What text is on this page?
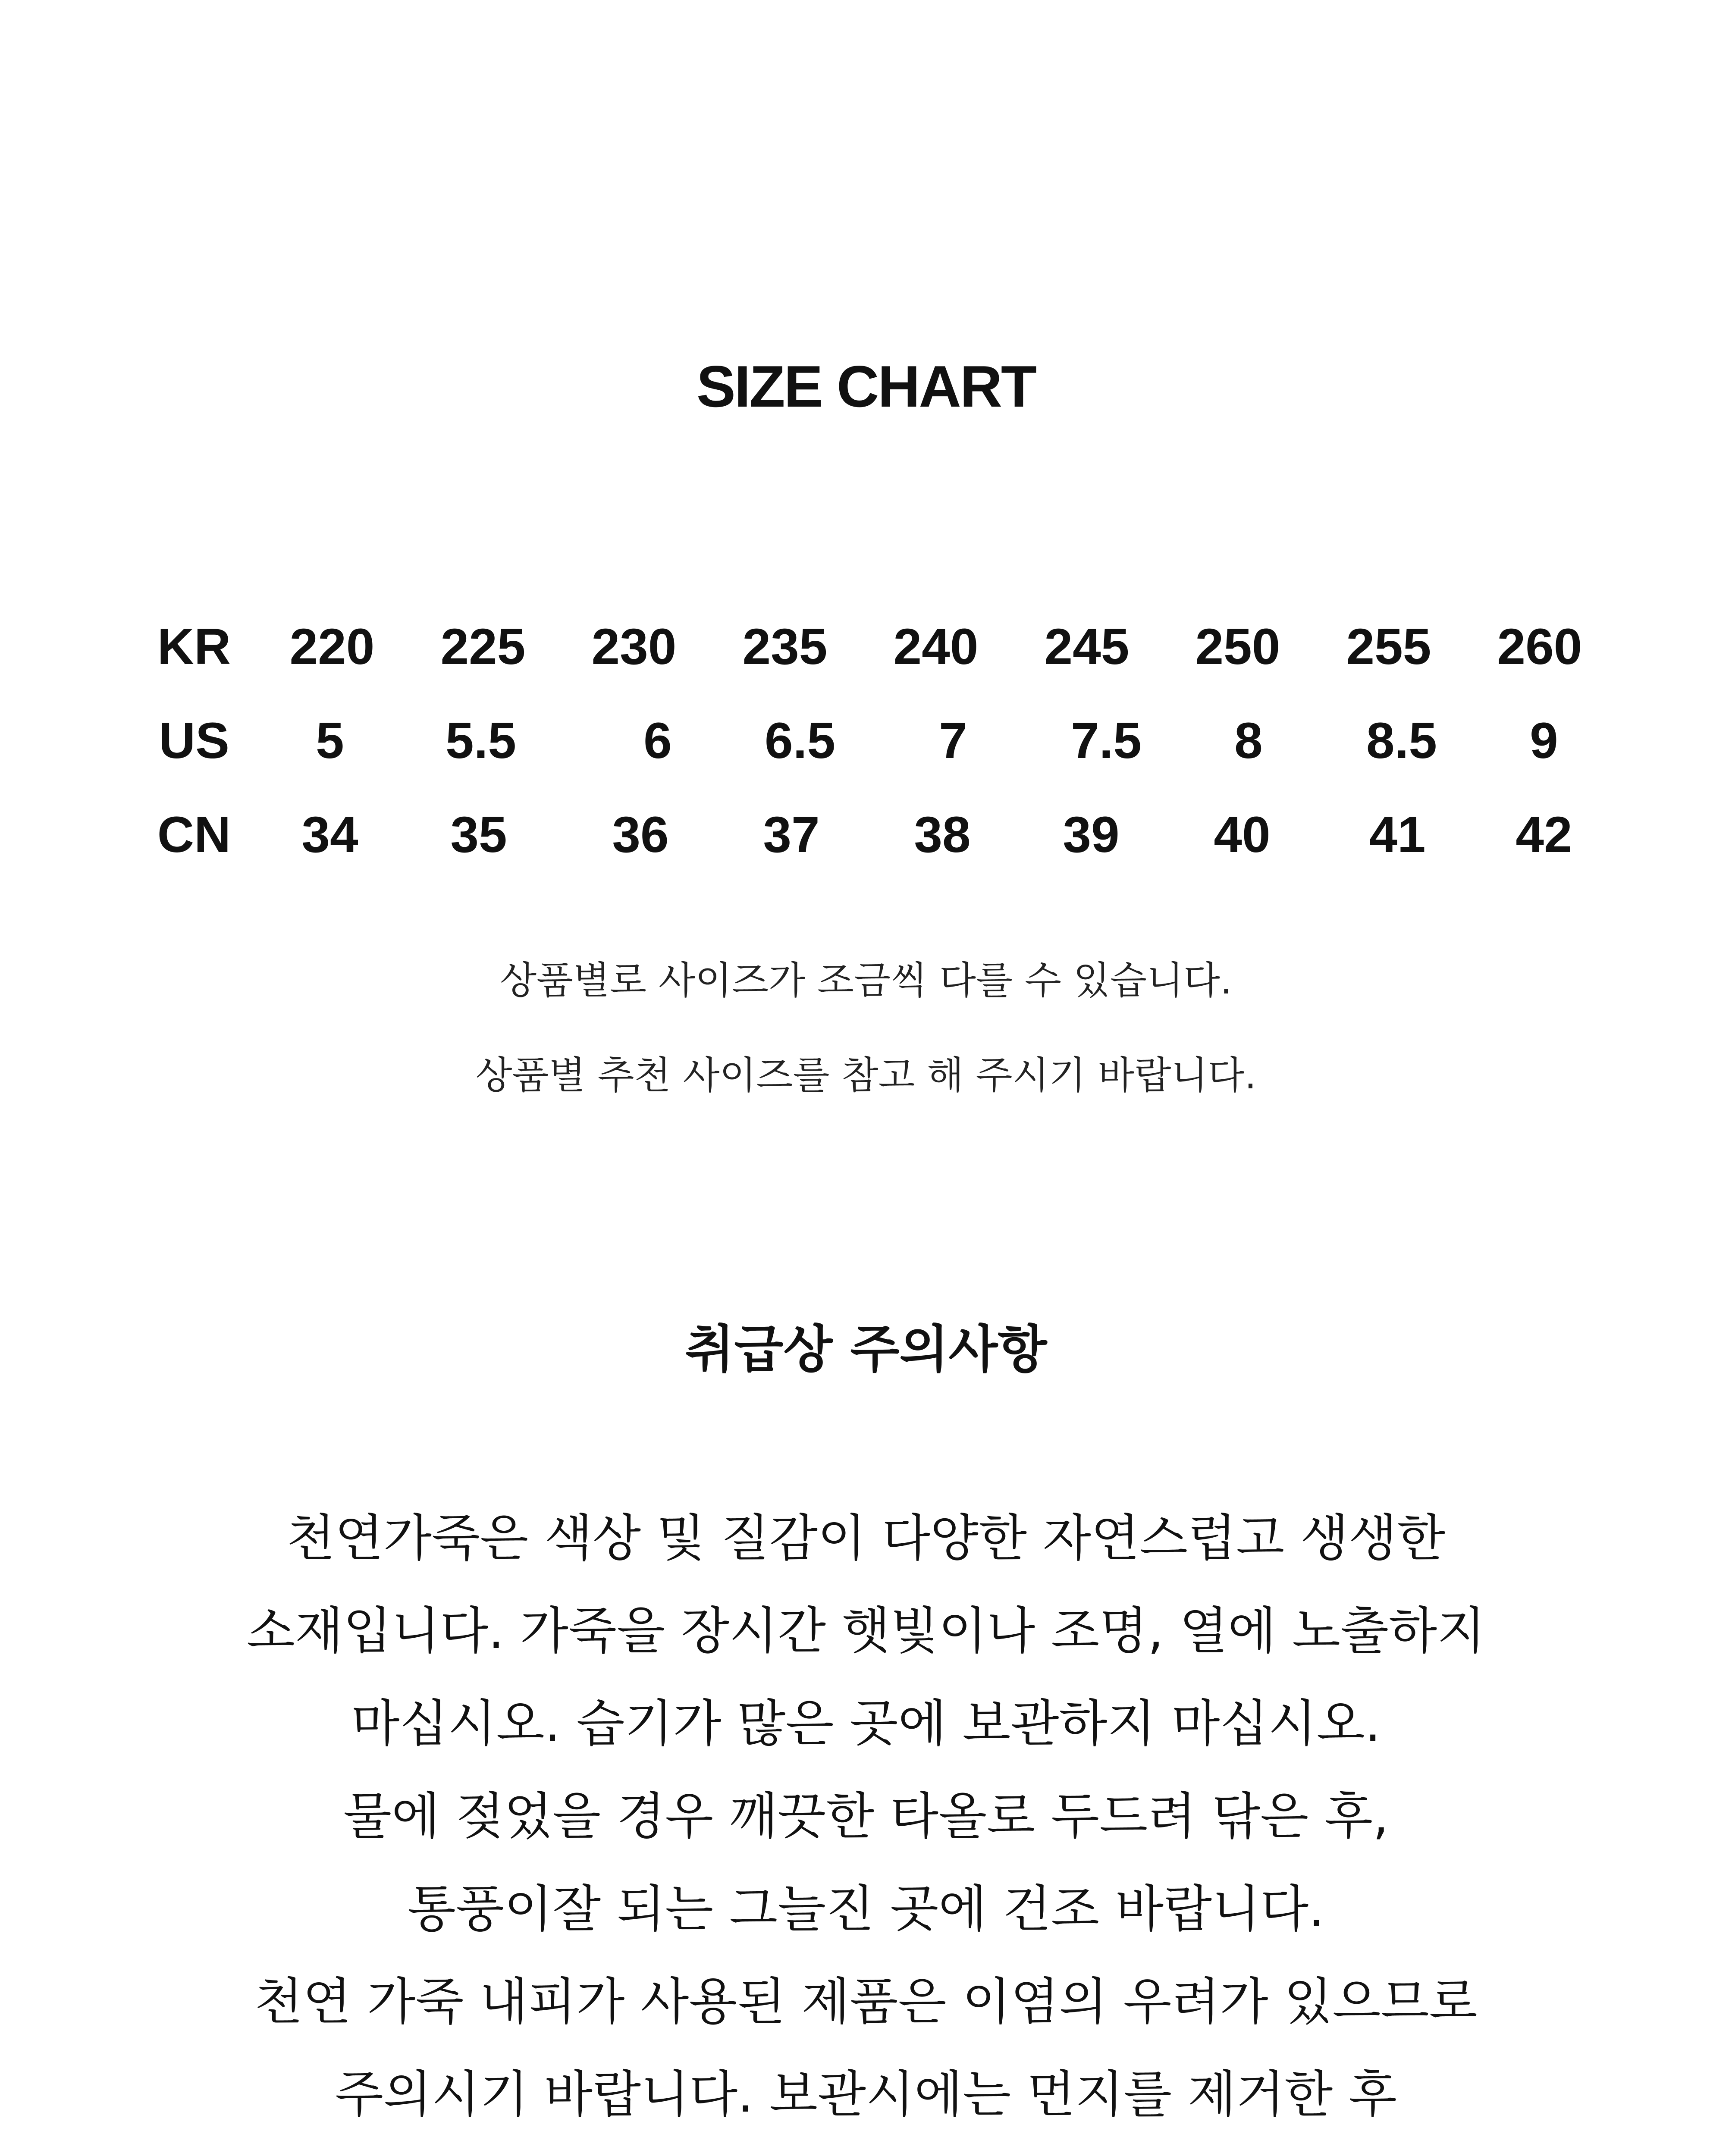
SIZE CHART
KR	220	225	230	235	240	245	250	255	260
US	5	5.5	6	6.5	7	7.5	8	8.5	9
CN	34	35	36	37	38	39	40	41	42
상품별로 사이즈가 조금씩 다를 수 있습니다.
상품별 추천 사이즈를 참고 해 주시기 바랍니다.
취급상 주의사항
천연가죽은 색상 및 질감이 다양한 자연스럽고 생생한
소재입니다. 가죽을 장시간 햇빛이나 조명, 열에 노출하지
마십시오. 습기가 많은 곳에 보관하지 마십시오.
물에 젖었을 경우 깨끗한 타올로 두드려 닦은 후,
통풍이잘 되는 그늘진 곳에 건조 바랍니다.
천연 가죽 내피가 사용된 제품은 이염의 우려가 있으므로
주의시기 바랍니다. 보관시에는 먼지를 제거한 후
